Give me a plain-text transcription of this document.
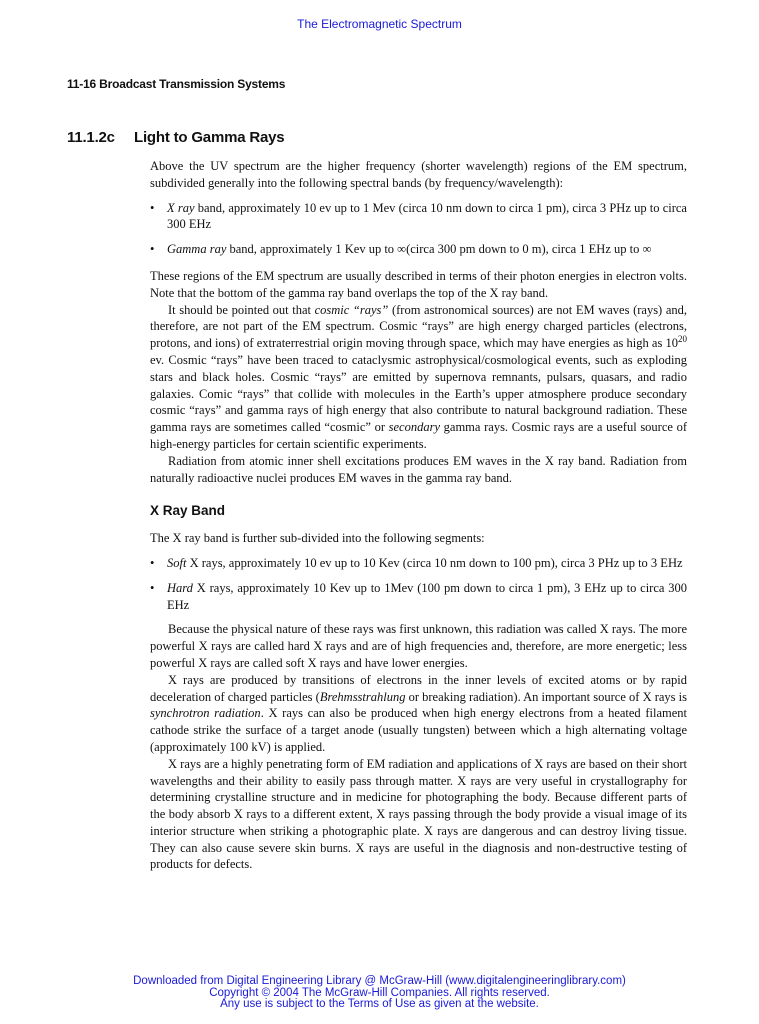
The Electromagnetic Spectrum
11-16 Broadcast Transmission Systems
11.1.2c Light to Gamma Rays

Above the UV spectrum are the higher frequency (shorter wavelength) regions of the EM spectrum, subdivided generally into the following spectral bands (by frequency/wavelength):

• X ray band, approximately 10 ev up to 1 Mev (circa 10 nm down to circa 1 pm), circa 3 PHz up to circa 300 EHz
• Gamma ray band, approximately 1 Kev up to ∞(circa 300 pm down to 0 m), circa 1 EHz up to ∞

These regions of the EM spectrum are usually described in terms of their photon energies in electron volts. Note that the bottom of the gamma ray band overlaps the top of the X ray band.

It should be pointed out that cosmic “rays” (from astronomical sources) are not EM waves (rays) and, therefore, are not part of the EM spectrum. Cosmic “rays” are high energy charged particles (electrons, protons, and ions) of extraterrestrial origin moving through space, which may have energies as high as $10^{20}$ ev. Cosmic “rays” have been traced to cataclysmic astrophysical/cosmological events, such as exploding stars and black holes. Cosmic “rays” are emitted by supernova remnants, pulsars, quasars, and radio galaxies. Comic “rays” that collide with molecules in the Earth’s upper atmosphere produce secondary cosmic “rays” and gamma rays of high energy that also contribute to natural background radiation. These gamma rays are sometimes called “cosmic” or secondary gamma rays. Cosmic rays are a useful source of high-energy particles for certain scientific experiments.

Radiation from atomic inner shell excitations produces EM waves in the X ray band. Radiation from naturally radioactive nuclei produces EM waves in the gamma ray band.

X Ray Band

The X ray band is further sub-divided into the following segments:

• Soft X rays, approximately 10 ev up to 10 Kev (circa 10 nm down to 100 pm), circa 3 PHz up to 3 EHz
• Hard X rays, approximately 10 Kev up to 1Mev (100 pm down to circa 1 pm), 3 EHz up to circa 300 EHz

Because the physical nature of these rays was first unknown, this radiation was called X rays. The more powerful X rays are called hard X rays and are of high frequencies and, therefore, are more energetic; less powerful X rays are called soft X rays and have lower energies.

X rays are produced by transitions of electrons in the inner levels of excited atoms or by rapid deceleration of charged particles (Brehmsstrahlung or breaking radiation). An important source of X rays is synchrotron radiation. X rays can also be produced when high energy electrons from a heated filament cathode strike the surface of a target anode (usually tungsten) between which a high alternating voltage (approximately 100 kV) is applied.

X rays are a highly penetrating form of EM radiation and applications of X rays are based on their short wavelengths and their ability to easily pass through matter. X rays are very useful in crystallography for determining crystalline structure and in medicine for photographing the body. Because different parts of the body absorb X rays to a different extent, X rays passing through the body provide a visual image of its interior structure when striking a photographic plate. X rays are dangerous and can destroy living tissue. They can also cause severe skin burns. X rays are useful in the diagnosis and non-destructive testing of products for defects.

Downloaded from Digital Engineering Library @ McGraw-Hill (www.digitalengineeringlibrary.com)
Copyright © 2004 The McGraw-Hill Companies. All rights reserved.
Any use is subject to the Terms of Use as given at the website.
